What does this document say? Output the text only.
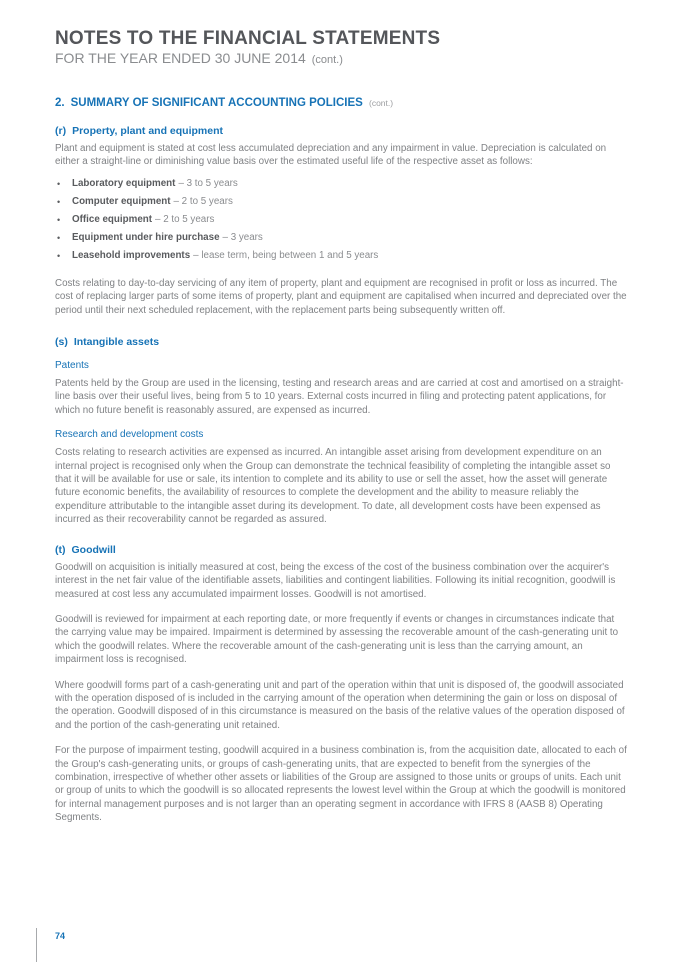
NOTES TO THE FINANCIAL STATEMENTS
FOR THE YEAR ENDED 30 JUNE 2014 (cont.)
2. SUMMARY OF SIGNIFICANT ACCOUNTING POLICIES (cont.)
(r) Property, plant and equipment

Plant and equipment is stated at cost less accumulated depreciation and any impairment in value. Depreciation is calculated on either a straight-line or diminishing value basis over the estimated useful life of the respective asset as follows:

• Laboratory equipment – 3 to 5 years
• Computer equipment – 2 to 5 years
• Office equipment – 2 to 5 years
• Equipment under hire purchase – 3 years
• Leasehold improvements – lease term, being between 1 and 5 years

Costs relating to day-to-day servicing of any item of property, plant and equipment are recognised in profit or loss as incurred. The cost of replacing larger parts of some items of property, plant and equipment are capitalised when incurred and depreciated over the period until their next scheduled replacement, with the replacement parts being subsequently written off.

(s) Intangible assets
Patents

Patents held by the Group are used in the licensing, testing and research areas and are carried at cost and amortised on a straight-line basis over their useful lives, being from 5 to 10 years. External costs incurred in filing and protecting patent applications, for which no future benefit is reasonably assured, are expensed as incurred.

Research and development costs

Costs relating to research activities are expensed as incurred. An intangible asset arising from development expenditure on an internal project is recognised only when the Group can demonstrate the technical feasibility of completing the intangible asset so that it will be available for use or sale, its intention to complete and its ability to use or sell the asset, how the asset will generate future economic benefits, the availability of resources to complete the development and the ability to measure reliably the expenditure attributable to the intangible asset during its development. To date, all development costs have been expensed as incurred as their recoverability cannot be regarded as assured.

(t) Goodwill

Goodwill on acquisition is initially measured at cost, being the excess of the cost of the business combination over the acquirer's interest in the net fair value of the identifiable assets, liabilities and contingent liabilities. Following its initial recognition, goodwill is measured at cost less any accumulated impairment losses. Goodwill is not amortised.

Goodwill is reviewed for impairment at each reporting date, or more frequently if events or changes in circumstances indicate that the carrying value may be impaired. Impairment is determined by assessing the recoverable amount of the cash-generating unit to which the goodwill relates. Where the recoverable amount of the cash-generating unit is less than the carrying amount, an impairment loss is recognised.

Where goodwill forms part of a cash-generating unit and part of the operation within that unit is disposed of, the goodwill associated with the operation disposed of is included in the carrying amount of the operation when determining the gain or loss on disposal of the operation. Goodwill disposed of in this circumstance is measured on the basis of the relative values of the operation disposed of and the portion of the cash-generating unit retained.

For the purpose of impairment testing, goodwill acquired in a business combination is, from the acquisition date, allocated to each of the Group's cash-generating units, or groups of cash-generating units, that are expected to benefit from the synergies of the combination, irrespective of whether other assets or liabilities of the Group are assigned to those units or groups of units. Each unit or group of units to which the goodwill is so allocated represents the lowest level within the Group at which the goodwill is monitored for internal management purposes and is not larger than an operating segment in accordance with IFRS 8 (AASB 8) Operating Segments.

74
